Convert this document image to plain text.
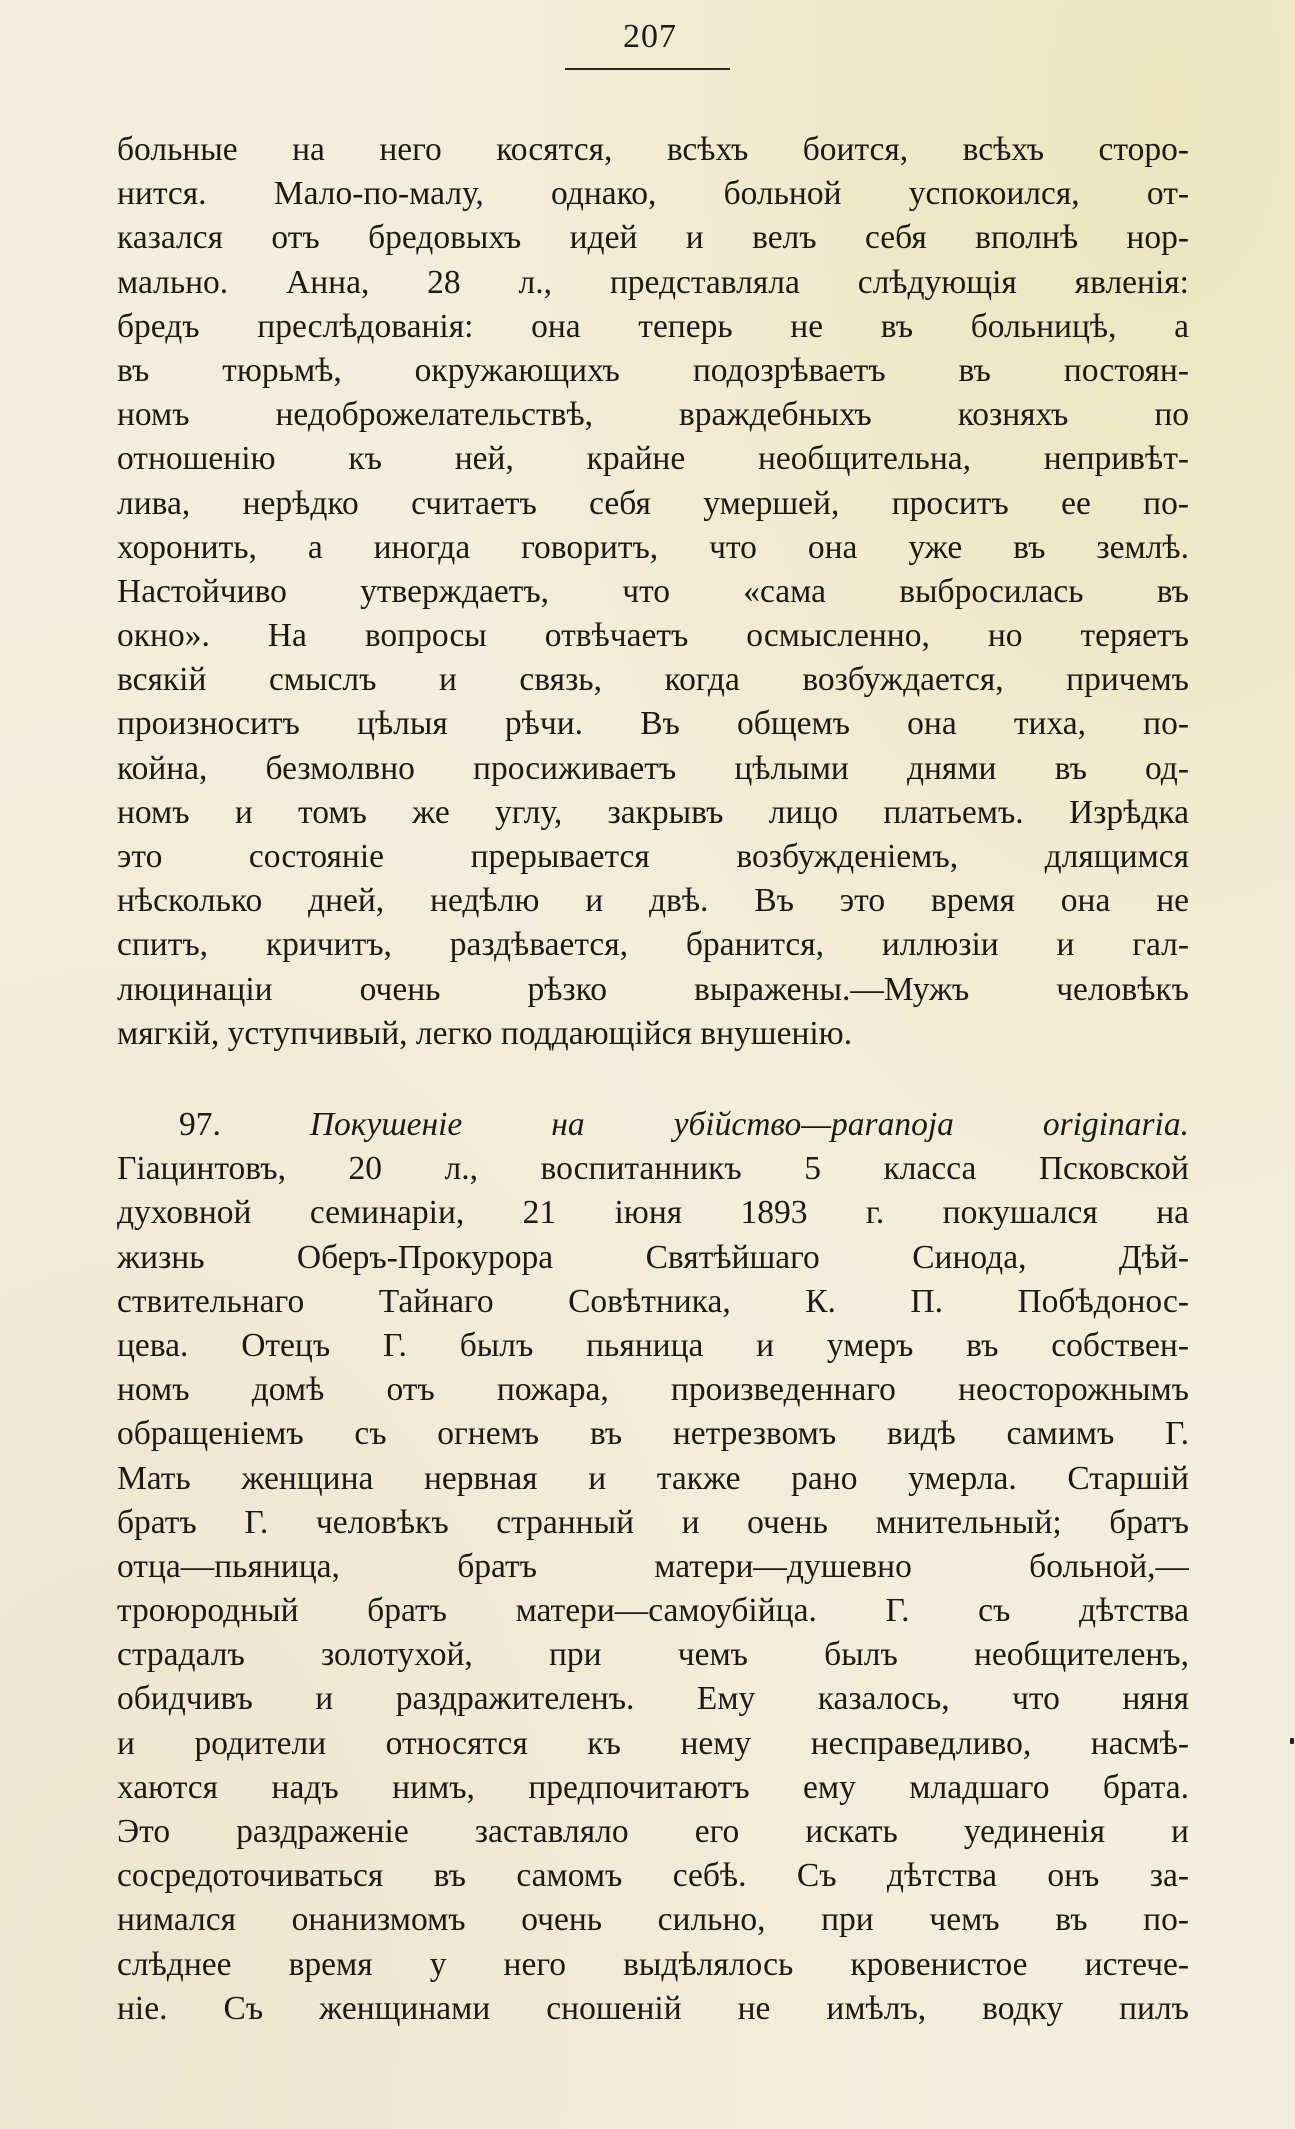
207
больные на него косятся, всѣхъ боится, всѣхъ сторо-
нится. Мало-по-малу, однако, больной успокоился, от-
казался отъ бредовыхъ идей и велъ себя вполнѣ нор-
мально. Анна, 28 л., представляла слѣдующія явленія:
бредъ преслѣдованія: она теперь не въ больницѣ, а
въ тюрьмѣ, окружающихъ подозрѣваетъ въ постоян-
номъ недоброжелательствѣ, враждебныхъ козняхъ по
отношенію къ ней, крайне необщительна, непривѣт-
лива, нерѣдко считаетъ себя умершей, проситъ ее по-
хоронить, а иногда говоритъ, что она уже въ землѣ.
Настойчиво утверждаетъ, что «сама выбросилась въ
окно». На вопросы отвѣчаетъ осмысленно, но теряетъ
всякій смыслъ и связь, когда возбуждается, причемъ
произноситъ цѣлыя рѣчи. Въ общемъ она тиха, по-
койна, безмолвно просиживаетъ цѣлыми днями въ од-
номъ и томъ же углу, закрывъ лицо платьемъ. Изрѣдка
это состояніе прерывается возбужденіемъ, длящимся
нѣсколько дней, недѣлю и двѣ. Въ это время она не
спитъ, кричитъ, раздѣвается, бранится, иллюзіи и гал-
люцинаціи очень рѣзко выражены.—Мужъ человѣкъ
мягкій, уступчивый, легко поддающійся внушенію.
97.	Покушеніе на убійство—paranoja originaria.
Гіацинтовъ, 20 л., воспитанникъ 5 класса Псковской
духовной семинаріи, 21 іюня 1893 г. покушался на
жизнь Оберъ-Прокурора Святѣйшаго Синода, Дѣй-
ствительнаго Тайнаго Совѣтника, К. П. Побѣдонос-
цева. Отецъ Г. былъ пьяница и умеръ въ собствен-
номъ домѣ отъ пожара, произведеннаго неосторожнымъ
обращеніемъ съ огнемъ въ нетрезвомъ видѣ самимъ Г.
Мать женщина нервная и также рано умерла. Старшій
братъ Г. человѣкъ странный и очень мнительный; братъ
отца—пьяница, братъ матери—душевно больной,—
троюродный братъ матери—самоубійца. Г. съ дѣтства
страдалъ золотухой, при чемъ былъ необщителенъ,
обидчивъ и раздражителенъ. Ему казалось, что няня
и родители относятся къ нему несправедливо, насмѣ-
хаются надъ нимъ, предпочитаютъ ему младшаго брата.
Это раздраженіе заставляло его искать уединенія и
сосредоточиваться въ самомъ себѣ. Съ дѣтства онъ за-
нимался онанизмомъ очень сильно, при чемъ въ по-
слѣднее время у него выдѣлялось кровенистое истече-
ніе. Съ женщинами сношеній не имѣлъ, водку пилъ
